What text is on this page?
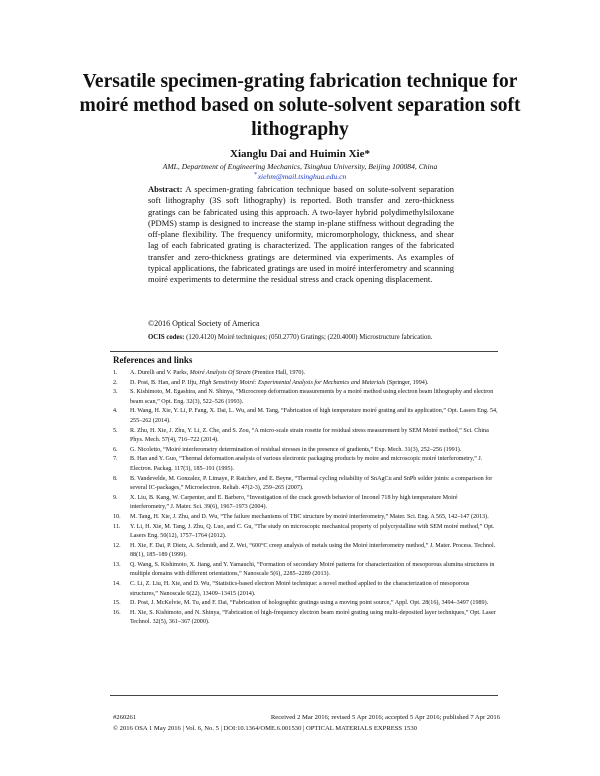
Versatile specimen-grating fabrication technique for moiré method based on solute-solvent separation soft lithography
Xianglu Dai and Huimin Xie*
AML, Department of Engineering Mechanics, Tsinghua University, Beijing 100084, China
*xiehm@mail.tsinghua.edu.cn

Abstract: A specimen-grating fabrication technique based on solute-solvent separation soft lithography (3S soft lithography) is reported. Both transfer and zero-thickness gratings can be fabricated using this approach. A two-layer hybrid polydimethylsiloxane (PDMS) stamp is designed to increase the stamp in-plane stiffness without degrading the off-plane flexibility. The frequency uniformity, micromorphology, thickness, and shear lag of each fabricated grating is characterized. The application ranges of the fabricated transfer and zero-thickness gratings are determined via experiments. As examples of typical applications, the fabricated gratings are used in moiré interferometry and scanning moiré experiments to determine the residual stress and crack opening displacement.

©2016 Optical Society of America
OCIS codes: (120.4120) Moiré techniques; (050.2770) Gratings; (220.4000) Microstructure fabrication.
References and links
1.	A. Durelli and V. Parks, Moiré Analysis Of Strain (Prentice Hall, 1970).
2.	D. Post, B. Han, and P. Ifju, High Sensitivity Moiré: Experimental Analysis for Mechanics and Materials (Springer, 1994).
3.	S. Kishimoto, M. Egashira, and N. Shinya, “Microcreep deformation measurements by a moiré method using electron beam lithography and electron beam scan,” Opt. Eng. 32(3), 522–526 (1993).
4.	H. Wang, H. Xie, Y. Li, P. Fang, X. Dai, L. Wu, and M. Tang, “Fabrication of high temperature moiré grating and its application,” Opt. Lasers Eng. 54, 255–262 (2014).
5.	R. Zhu, H. Xie, J. Zhu, Y. Li, Z. Che, and S. Zou, “A micro-scale strain rosette for residual stress measurement by SEM Moiré method,” Sci. China Phys. Mech. 57(4), 716–722 (2014).
6.	G. Nicoletto, “Moiré interferometry determination of residual stresses in the presence of gradients,” Exp. Mech. 31(3), 252–256 (1991).
7.	B. Han and Y. Guo, “Thermal deformation analysis of various electronic packaging products by moire and microscopic moiré interferometry,” J. Electron. Packag. 117(3), 185–191 (1995).
8.	B. Vandevelde, M. Gonzalez, P. Limaye, P. Ratchev, and E. Beyne, “Thermal cycling reliability of SnAgCu and SnPb solder joints: a comparison for several IC-packages,” Microelectron. Reliab. 47(2-3), 259–265 (2007).
9.	X. Liu, B. Kang, W. Carpenter, and E. Barbero, “Investigation of the crack growth behavior of Inconel 718 by high temperature Moiré interferometry,” J. Mater. Sci. 39(6), 1967–1973 (2004).
10.	M. Tang, H. Xie, J. Zhu, and D. Wu, “The failure mechanisms of TBC structure by moiré interferometry,” Mater. Sci. Eng. A 565, 142–147 (2013).
11.	Y. Li, H. Xie, M. Tang, J. Zhu, Q. Luo, and C. Gu, “The study on microscopic mechanical property of polycrystalline with SEM moiré method,” Opt. Lasers Eng. 50(12), 1757–1764 (2012).
12.	H. Xie, F. Dai, P. Dietz, A. Schmidt, and Z. Wei, “600°C creep analysis of metals using the Moiré interferometry method,” J. Mater. Process. Technol. 88(1), 185–189 (1999).
13.	Q. Wang, S. Kishimoto, X. Jiang, and Y. Yamauchi, “Formation of secondary Moiré patterns for characterization of mesoporous alumina structures in multiple domains with different orientations,” Nanoscale 5(6), 2285–2289 (2013).
14.	C. Li, Z. Liu, H. Xie, and D. Wu, “Statistics-based electron Moiré technique: a novel method applied to the characterization of mesoporous structures,” Nanoscale 6(22), 13409–13415 (2014).
15.	D. Post, J. McKelvie, M. Tu, and F. Dai, “Fabrication of holographic gratings using a moving point source,” Appl. Opt. 28(16), 3494–3497 (1989).
16.	H. Xie, S. Kishimoto, and N. Shinya, “Fabrication of high-frequency electron beam moiré grating using multi-deposited layer techniques,” Opt. Laser Technol. 32(5), 361–367 (2000).
#260261	Received 2 Mar 2016; revised 5 Apr 2016; accepted 5 Apr 2016; published 7 Apr 2016
© 2016 OSA 1 May 2016 | Vol. 6, No. 5 | DOI:10.1364/OME.6.001530 | OPTICAL MATERIALS EXPRESS 1530
